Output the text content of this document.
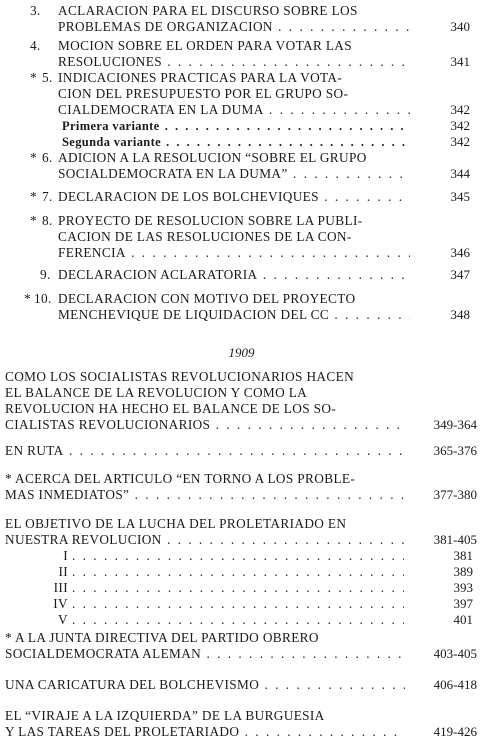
3. ACLARACION PARA EL DISCURSO SOBRE LOS
PROBLEMAS DE ORGANIZACION . . .	340
4. MOCION SOBRE EL ORDEN PARA VOTAR LAS
RESOLUCIONES . . .	341
* 5. INDICACIONES PRACTICAS PARA LA VOTA-
CION DEL PRESUPUESTO POR EL GRUPO SO-
CIALDEMOCRATA EN LA DUMA . . .	342
Primera variante . . .	342
Segunda variante . . .	342
* 6. ADICION A LA RESOLUCION “SOBRE EL GRUPO
SOCIALDEMOCRATA EN LA DUMA” . . .	344
* 7. DECLARACION DE LOS BOLCHEVIQUES . . .	345
* 8. PROYECTO DE RESOLUCION SOBRE LA PUBLI-
CACION DE LAS RESOLUCIONES DE LA CON-
FERENCIA . . .	346
9. DECLARACION ACLARATORIA . . .	347
* 10. DECLARACION CON MOTIVO DEL PROYECTO
MENCHEVIQUE DE LIQUIDACION DEL CC . . .	348
1909
COMO LOS SOCIALISTAS REVOLUCIONARIOS HACEN
EL BALANCE DE LA REVOLUCION Y COMO LA
REVOLUCION HA HECHO EL BALANCE DE LOS SO-
CIALISTAS REVOLUCIONARIOS . . .	349-364
EN RUTA . . .	365-376
* ACERCA DEL ARTICULO “EN TORNO A LOS PROBLE-
MAS INMEDIATOS” . . .	377-380
EL OBJETIVO DE LA LUCHA DEL PROLETARIADO EN
NUESTRA REVOLUCION . . .	381-405
I . . .	381
II . . .	389
III . . .	393
IV . . .	397
V . . .	401
* A LA JUNTA DIRECTIVA DEL PARTIDO OBRERO
SOCIALDEMOCRATA ALEMAN . . .	403-405
UNA CARICATURA DEL BOLCHEVISMO . . .	406-418
EL “VIRAJE A LA IZQUIERDA” DE LA BURGUESIA
Y LAS TAREAS DEL PROLETARIADO . . .	419-426
